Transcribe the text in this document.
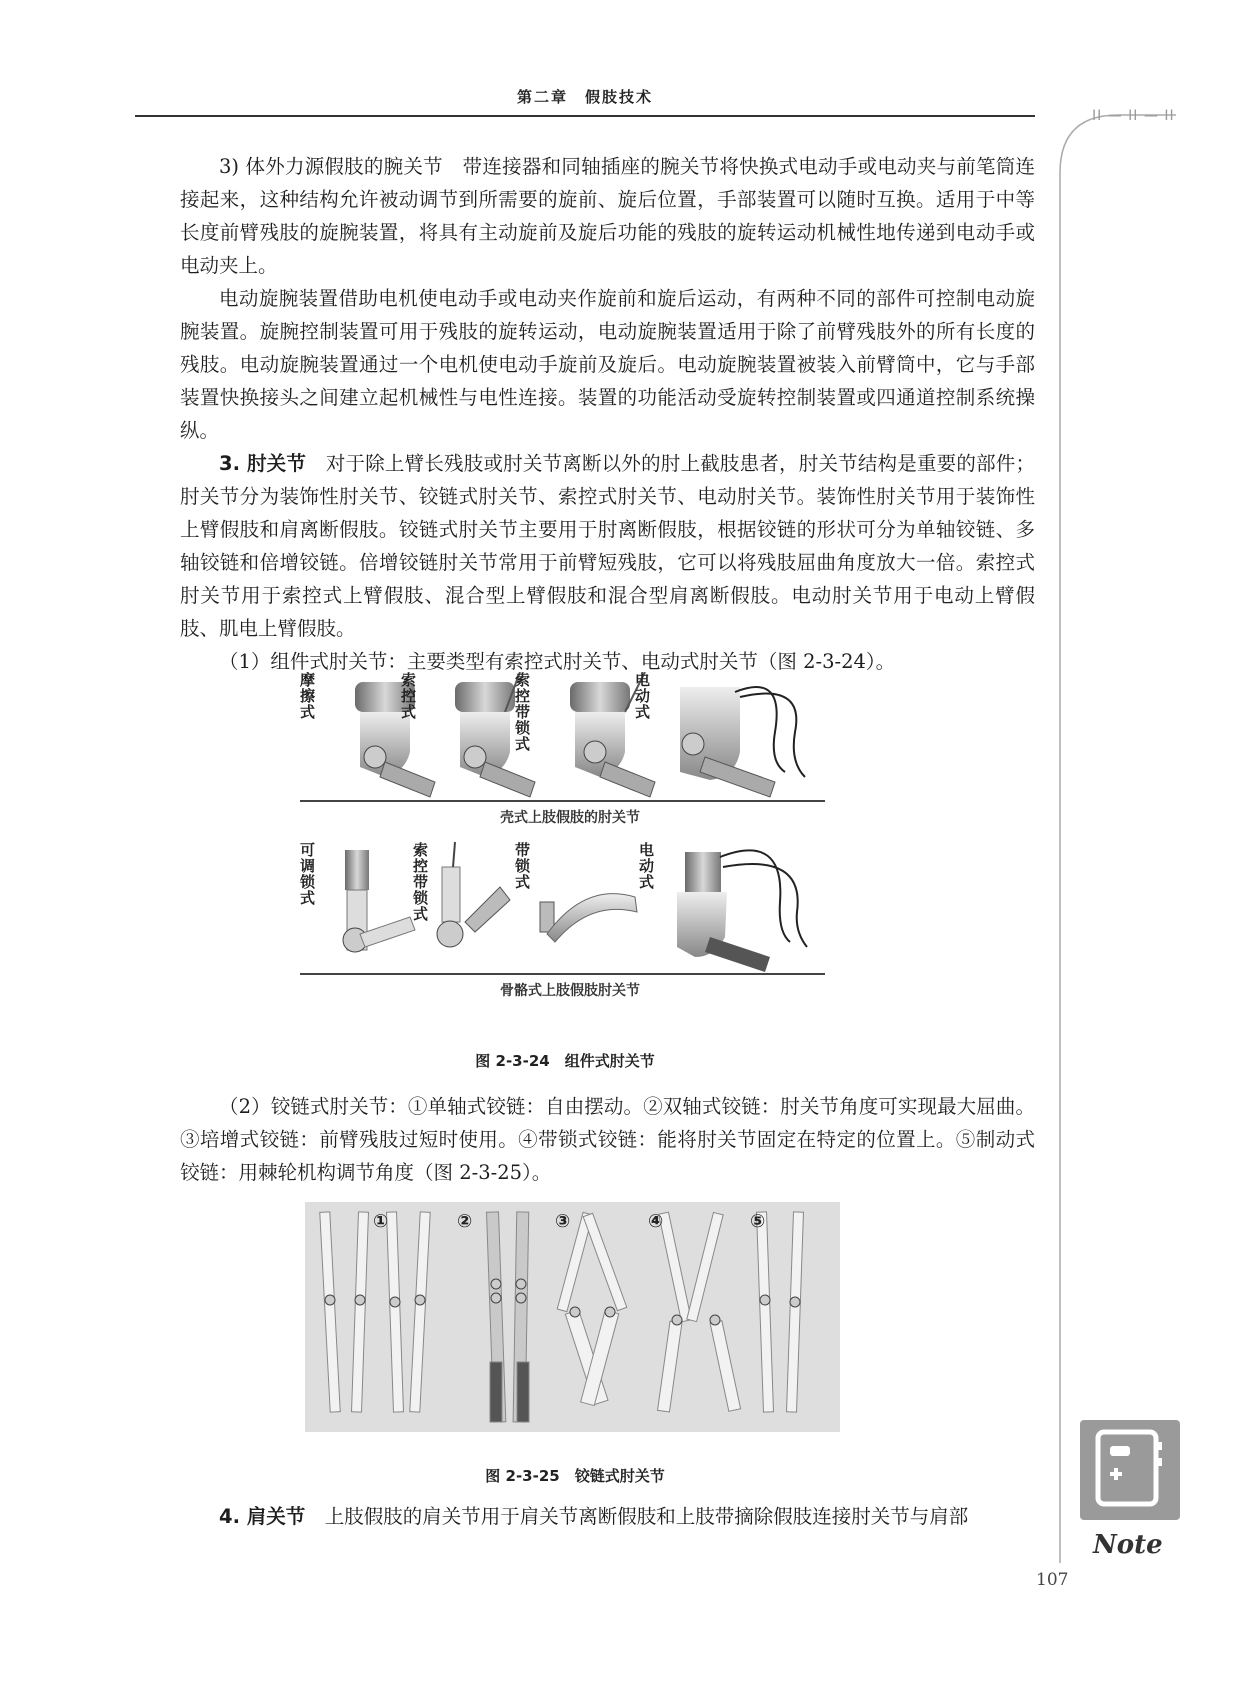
第二章　假肢技术
II — II — II

3) 体外力源假肢的腕关节　带连接器和同轴插座的腕关节将快换式电动手或电动夹与前笔筒连接起来，这种结构允许被动调节到所需要的旋前、旋后位置，手部装置可以随时互换。适用于中等长度前臂残肢的旋腕装置，将具有主动旋前及旋后功能的残肢的旋转运动机械性地传递到电动手或电动夹上。

电动旋腕装置借助电机使电动手或电动夹作旋前和旋后运动，有两种不同的部件可控制电动旋腕装置。旋腕控制装置可用于残肢的旋转运动，电动旋腕装置适用于除了前臂残肢外的所有长度的残肢。电动旋腕装置通过一个电机使电动手旋前及旋后。电动旋腕装置被装入前臂筒中，它与手部装置快换接头之间建立起机械性与电性连接。装置的功能活动受旋转控制装置或四通道控制系统操纵。

3. 肘关节　 对于除上臂长残肢或肘关节离断以外的肘上截肢患者，肘关节结构是重要的部件；肘关节分为装饰性肘关节、铰链式肘关节、索控式肘关节、电动肘关节。装饰性肘关节用于装饰性上臂假肢和肩离断假肢。铰链式肘关节主要用于肘离断假肢，根据铰链的形状可分为单轴铰链、多轴铰链和倍增铰链。倍增铰链肘关节常用于前臂短残肢，它可以将残肢屈曲角度放大一倍。索控式肘关节用于索控式上臂假肢、混合型上臂假肢和混合型肩离断假肢。电动肘关节用于电动上臂假肢、肌电上臂假肢。

（1）组件式肘关节：主要类型有索控式肘关节、电动式肘关节（图 2-3-24）。

摩擦式
索控式
索控带锁式
电动式
壳式上肢假肢的肘关节
可调锁式
索控带锁式
带锁式
电动式
骨骼式上肢假肢肘关节
图 2-3-24　组件式肘关节

（2）铰链式肘关节：①单轴式铰链：自由摆动。②双轴式铰链：肘关节角度可实现最大屈曲。③培增式铰链：前臂残肢过短时使用。④带锁式铰链：能将肘关节固定在特定的位置上。⑤制动式铰链：用棘轮机构调节角度（图 2-3-25）。

①	②	③	④	⑤
图 2-3-25　铰链式肘关节

4. 肩关节　 上肢假肢的肩关节用于肩关节离断假肢和上肢带摘除假肢连接肘关节与肩部

Note
107
